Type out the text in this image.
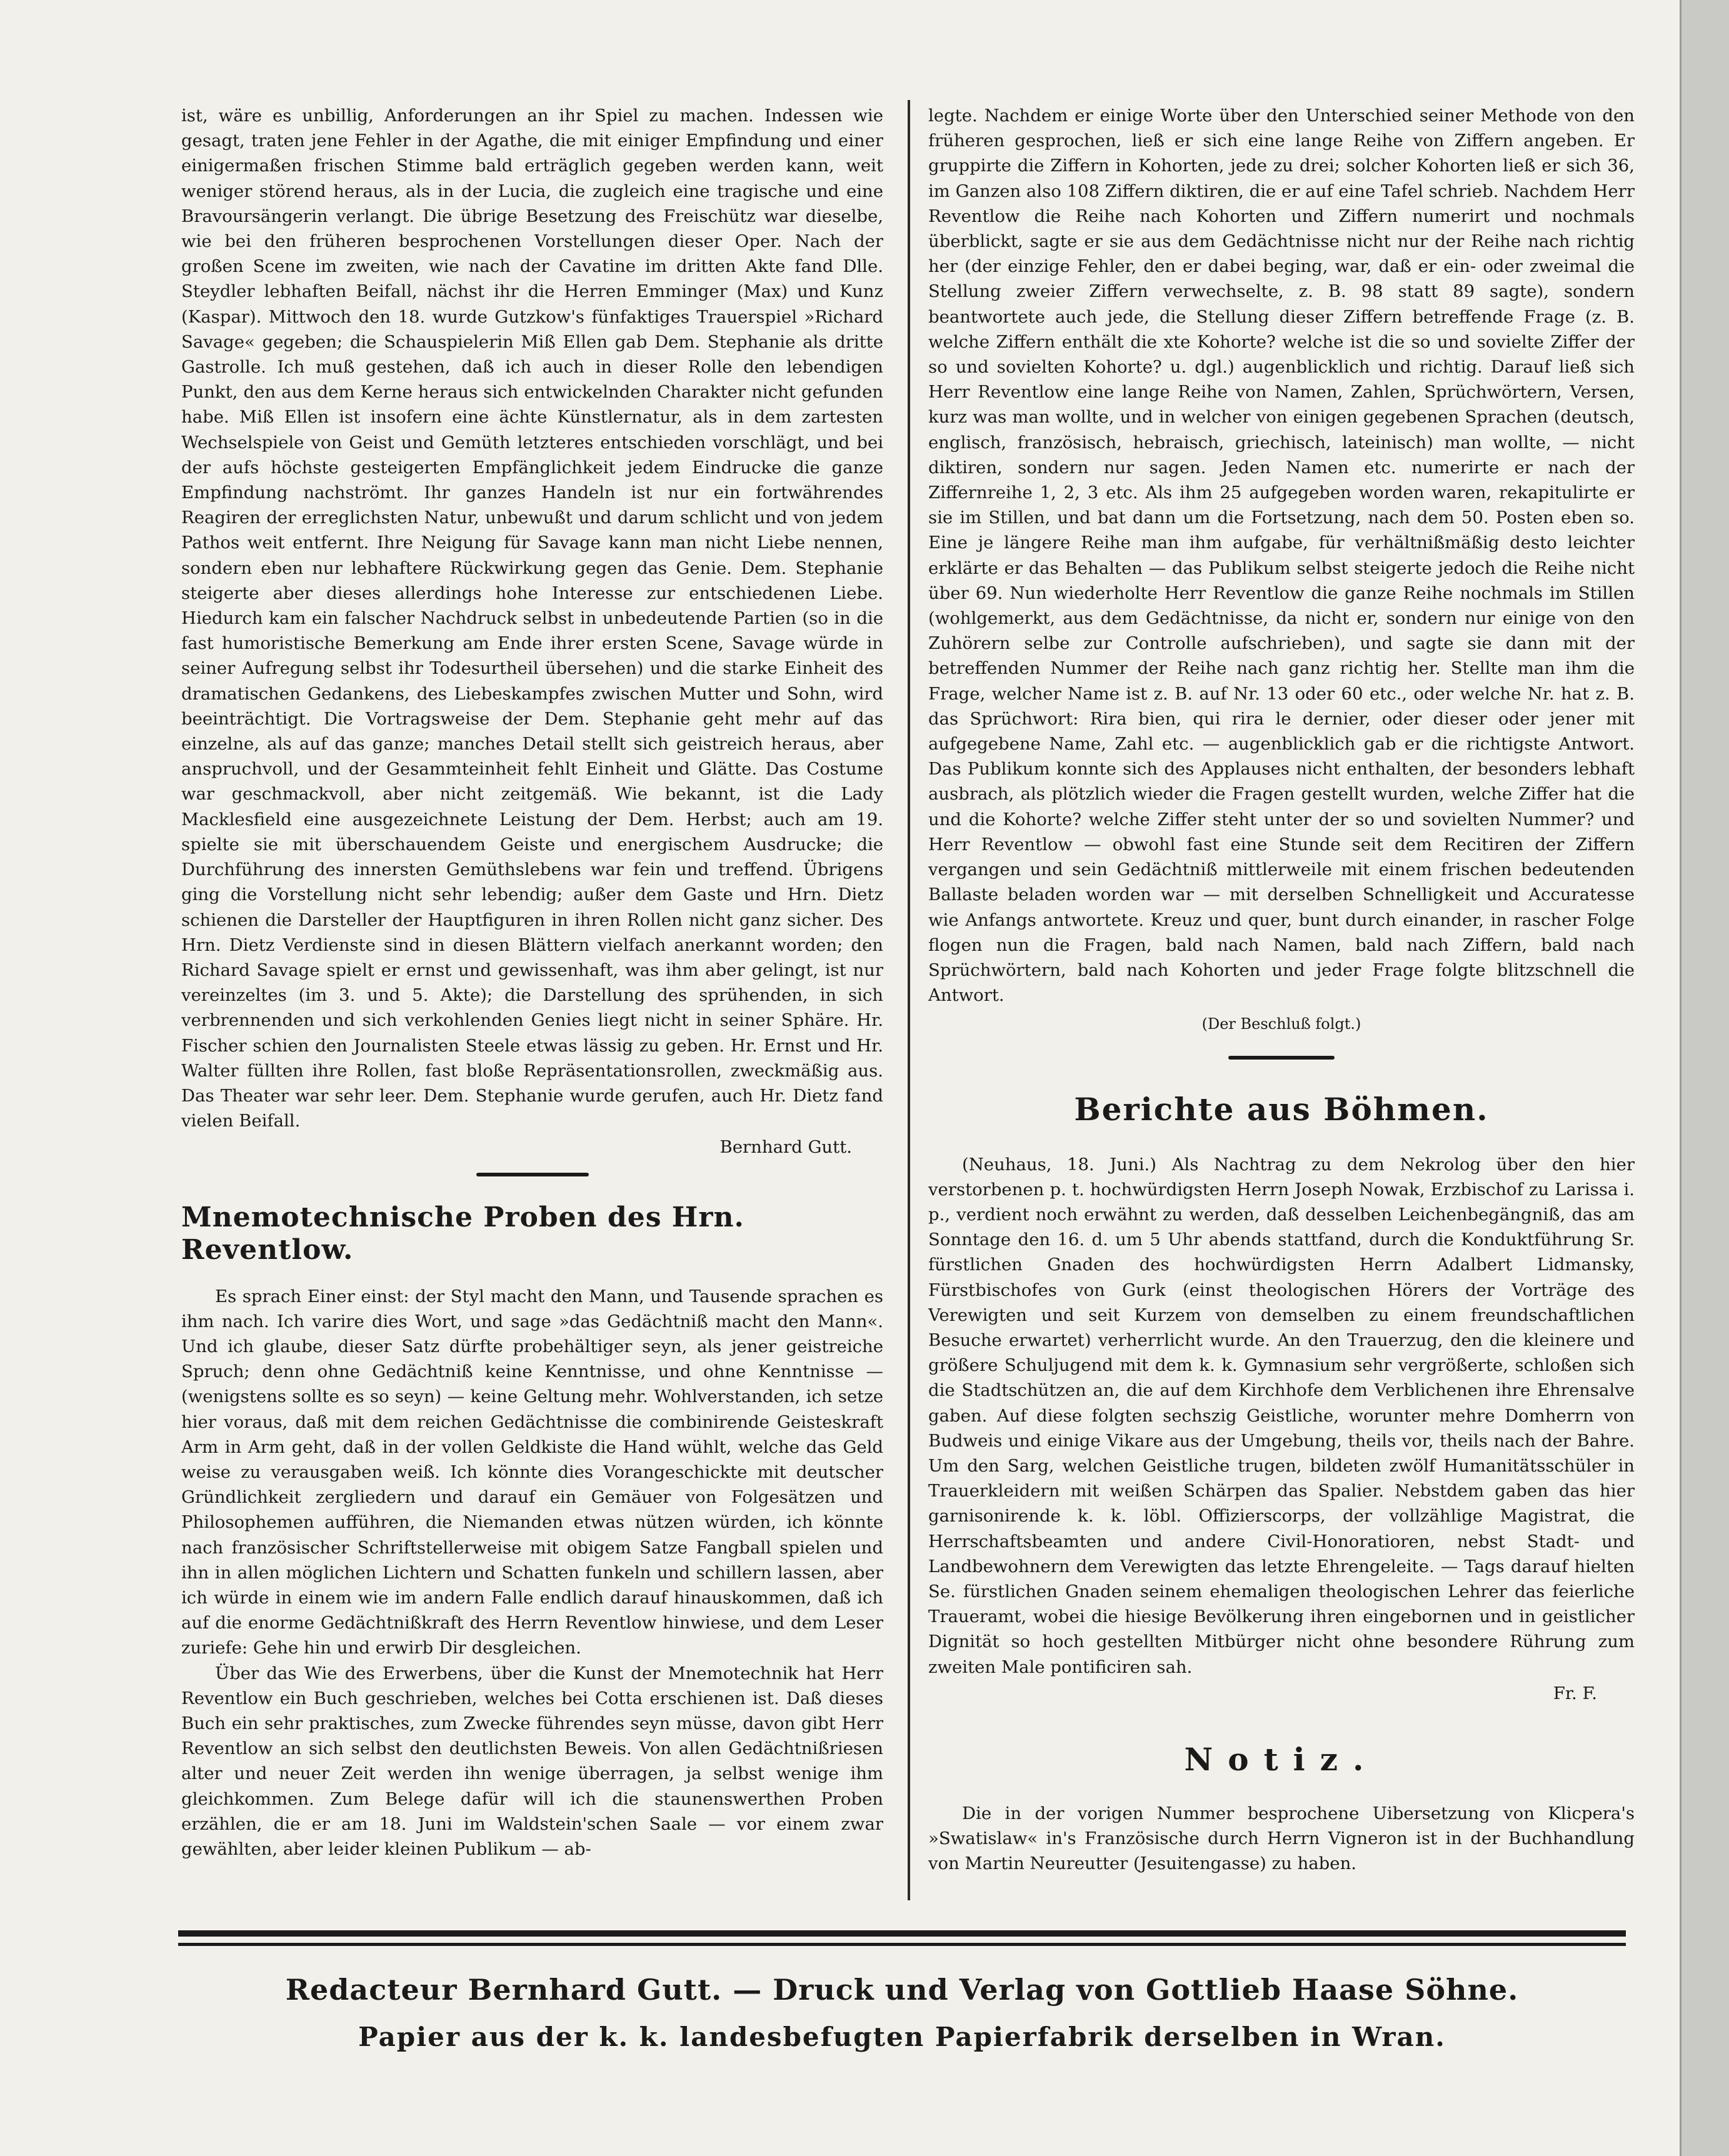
ist, wäre es unbillig, Anforderungen an ihr Spiel zu machen. Indessen wie gesagt, traten jene Fehler in der Agathe, die mit einiger Empfindung und einer einigermaßen frischen Stimme bald erträglich gegeben werden kann, weit weniger störend heraus, als in der Lucia, die zugleich eine tragische und eine Bravoursängerin verlangt. Die übrige Besetzung des Freischütz war dieselbe, wie bei den früheren besprochenen Vorstellungen dieser Oper. Nach der großen Scene im zweiten, wie nach der Cavatine im dritten Akte fand Dlle. Steydler lebhaften Beifall, nächst ihr die Herren Emminger (Max) und Kunz (Kaspar). Mittwoch den 18. wurde Gutzkow's fünfaktiges Trauerspiel »Richard Savage« gegeben; die Schauspielerin Miß Ellen gab Dem. Stephanie als dritte Gastrolle. Ich muß gestehen, daß ich auch in dieser Rolle den lebendigen Punkt, den aus dem Kerne heraus sich entwickelnden Charakter nicht gefunden habe. Miß Ellen ist insofern eine ächte Künstlernatur, als in dem zartesten Wechselspiele von Geist und Gemüth letzteres entschieden vorschlägt, und bei der aufs höchste gesteigerten Empfänglichkeit jedem Eindrucke die ganze Empfindung nachströmt. Ihr ganzes Handeln ist nur ein fortwährendes Reagiren der erreglichsten Natur, unbewußt und darum schlicht und von jedem Pathos weit entfernt. Ihre Neigung für Savage kann man nicht Liebe nennen, sondern eben nur lebhaftere Rückwirkung gegen das Genie. Dem. Stephanie steigerte aber dieses allerdings hohe Interesse zur entschiedenen Liebe. Hiedurch kam ein falscher Nachdruck selbst in unbedeutende Partien (so in die fast humoristische Bemerkung am Ende ihrer ersten Scene, Savage würde in seiner Aufregung selbst ihr Todesurtheil übersehen) und die starke Einheit des dramatischen Gedankens, des Liebeskampfes zwischen Mutter und Sohn, wird beeinträchtigt. Die Vortragsweise der Dem. Stephanie geht mehr auf das einzelne, als auf das ganze; manches Detail stellt sich geistreich heraus, aber anspruchvoll, und der Gesammteinheit fehlt Einheit und Glätte. Das Costume war geschmackvoll, aber nicht zeitgemäß. Wie bekannt, ist die Lady Macklesfield eine ausgezeichnete Leistung der Dem. Herbst; auch am 19. spielte sie mit überschauendem Geiste und energischem Ausdrucke; die Durchführung des innersten Gemüthslebens war fein und treffend. Übrigens ging die Vorstellung nicht sehr lebendig; außer dem Gaste und Hrn. Dietz schienen die Darsteller der Hauptfiguren in ihren Rollen nicht ganz sicher. Des Hrn. Dietz Verdienste sind in diesen Blättern vielfach anerkannt worden; den Richard Savage spielt er ernst und gewissenhaft, was ihm aber gelingt, ist nur vereinzeltes (im 3. und 5. Akte); die Darstellung des sprühenden, in sich verbrennenden und sich verkohlenden Genies liegt nicht in seiner Sphäre. Hr. Fischer schien den Journalisten Steele etwas lässig zu geben. Hr. Ernst und Hr. Walter füllten ihre Rollen, fast bloße Repräsentationsrollen, zweckmäßig aus. Das Theater war sehr leer. Dem. Stephanie wurde gerufen, auch Hr. Dietz fand vielen Beifall.

Bernhard Gutt.
Mnemotechnische Proben des Hrn. Reventlow.

Es sprach Einer einst: der Styl macht den Mann, und Tausende sprachen es ihm nach. Ich varire dies Wort, und sage »das Gedächtniß macht den Mann«. Und ich glaube, dieser Satz dürfte probehältiger seyn, als jener geistreiche Spruch; denn ohne Gedächtniß keine Kenntnisse, und ohne Kenntnisse — (wenigstens sollte es so seyn) — keine Geltung mehr. Wohlverstanden, ich setze hier voraus, daß mit dem reichen Gedächtnisse die combinirende Geisteskraft Arm in Arm geht, daß in der vollen Geldkiste die Hand wühlt, welche das Geld weise zu verausgaben weiß. Ich könnte dies Vorangeschickte mit deutscher Gründlichkeit zergliedern und darauf ein Gemäuer von Folgesätzen und Philosophemen aufführen, die Niemanden etwas nützen würden, ich könnte nach französischer Schriftstellerweise mit obigem Satze Fangball spielen und ihn in allen möglichen Lichtern und Schatten funkeln und schillern lassen, aber ich würde in einem wie im andern Falle endlich darauf hinauskommen, daß ich auf die enorme Gedächtnißkraft des Herrn Reventlow hinwiese, und dem Leser zuriefe: Gehe hin und erwirb Dir desgleichen.

Über das Wie des Erwerbens, über die Kunst der Mnemotechnik hat Herr Reventlow ein Buch geschrieben, welches bei Cotta erschienen ist. Daß dieses Buch ein sehr praktisches, zum Zwecke führendes seyn müsse, davon gibt Herr Reventlow an sich selbst den deutlichsten Beweis. Von allen Gedächtnißriesen alter und neuer Zeit werden ihn wenige überragen, ja selbst wenige ihm gleichkommen. Zum Belege dafür will ich die staunenswerthen Proben erzählen, die er am 18. Juni im Waldstein'schen Saale — vor einem zwar gewählten, aber leider kleinen Publikum — ab-

legte. Nachdem er einige Worte über den Unterschied seiner Methode von den früheren gesprochen, ließ er sich eine lange Reihe von Ziffern angeben. Er gruppirte die Ziffern in Kohorten, jede zu drei; solcher Kohorten ließ er sich 36, im Ganzen also 108 Ziffern diktiren, die er auf eine Tafel schrieb. Nachdem Herr Reventlow die Reihe nach Kohorten und Ziffern numerirt und nochmals überblickt, sagte er sie aus dem Gedächtnisse nicht nur der Reihe nach richtig her (der einzige Fehler, den er dabei beging, war, daß er ein- oder zweimal die Stellung zweier Ziffern verwechselte, z. B. 98 statt 89 sagte), sondern beantwortete auch jede, die Stellung dieser Ziffern betreffende Frage (z. B. welche Ziffern enthält die xte Kohorte? welche ist die so und sovielte Ziffer der so und sovielten Kohorte? u. dgl.) augenblicklich und richtig. Darauf ließ sich Herr Reventlow eine lange Reihe von Namen, Zahlen, Sprüchwörtern, Versen, kurz was man wollte, und in welcher von einigen gegebenen Sprachen (deutsch, englisch, französisch, hebraisch, griechisch, lateinisch) man wollte, — nicht diktiren, sondern nur sagen. Jeden Namen etc. numerirte er nach der Ziffernreihe 1, 2, 3 etc. Als ihm 25 aufgegeben worden waren, rekapitulirte er sie im Stillen, und bat dann um die Fortsetzung, nach dem 50. Posten eben so. Eine je längere Reihe man ihm aufgabe, für verhältnißmäßig desto leichter erklärte er das Behalten — das Publikum selbst steigerte jedoch die Reihe nicht über 69. Nun wiederholte Herr Reventlow die ganze Reihe nochmals im Stillen (wohlgemerkt, aus dem Gedächtnisse, da nicht er, sondern nur einige von den Zuhörern selbe zur Controlle aufschrieben), und sagte sie dann mit der betreffenden Nummer der Reihe nach ganz richtig her. Stellte man ihm die Frage, welcher Name ist z. B. auf Nr. 13 oder 60 etc., oder welche Nr. hat z. B. das Sprüchwort: Rira bien, qui rira le dernier, oder dieser oder jener mit aufgegebene Name, Zahl etc. — augenblicklich gab er die richtigste Antwort. Das Publikum konnte sich des Applauses nicht enthalten, der besonders lebhaft ausbrach, als plötzlich wieder die Fragen gestellt wurden, welche Ziffer hat die und die Kohorte? welche Ziffer steht unter der so und sovielten Nummer? und Herr Reventlow — obwohl fast eine Stunde seit dem Recitiren der Ziffern vergangen und sein Gedächtniß mittlerweile mit einem frischen bedeutenden Ballaste beladen worden war — mit derselben Schnelligkeit und Accuratesse wie Anfangs antwortete. Kreuz und quer, bunt durch einander, in rascher Folge flogen nun die Fragen, bald nach Namen, bald nach Ziffern, bald nach Sprüchwörtern, bald nach Kohorten und jeder Frage folgte blitzschnell die Antwort.

(Der Beschluß folgt.)
Berichte aus Böhmen.

(Neuhaus, 18. Juni.) Als Nachtrag zu dem Nekrolog über den hier verstorbenen p. t. hochwürdigsten Herrn Joseph Nowak, Erzbischof zu Larissa i. p., verdient noch erwähnt zu werden, daß desselben Leichenbegängniß, das am Sonntage den 16. d. um 5 Uhr abends stattfand, durch die Konduktführung Sr. fürstlichen Gnaden des hochwürdigsten Herrn Adalbert Lidmansky, Fürstbischofes von Gurk (einst theologischen Hörers der Vorträge des Verewigten und seit Kurzem von demselben zu einem freundschaftlichen Besuche erwartet) verherrlicht wurde. An den Trauerzug, den die kleinere und größere Schuljugend mit dem k. k. Gymnasium sehr vergrößerte, schloßen sich die Stadtschützen an, die auf dem Kirchhofe dem Verblichenen ihre Ehrensalve gaben. Auf diese folgten sechszig Geistliche, worunter mehre Domherrn von Budweis und einige Vikare aus der Umgebung, theils vor, theils nach der Bahre. Um den Sarg, welchen Geistliche trugen, bildeten zwölf Humanitätsschüler in Trauerkleidern mit weißen Schärpen das Spalier. Nebstdem gaben das hier garnisonirende k. k. löbl. Offizierscorps, der vollzählige Magistrat, die Herrschaftsbeamten und andere Civil-Honoratioren, nebst Stadt- und Landbewohnern dem Verewigten das letzte Ehrengeleite. — Tags darauf hielten Se. fürstlichen Gnaden seinem ehemaligen theologischen Lehrer das feierliche Traueramt, wobei die hiesige Bevölkerung ihren eingebornen und in geistlicher Dignität so hoch gestellten Mitbürger nicht ohne besondere Rührung zum zweiten Male pontificiren sah.

Fr. F.
Notiz.

Die in der vorigen Nummer besprochene Uibersetzung von Klicpera's »Swatislaw« in's Französische durch Herrn Vigneron ist in der Buchhandlung von Martin Neureutter (Jesuitengasse) zu haben.

Redacteur Bernhard Gutt. — Druck und Verlag von Gottlieb Haase Söhne.
Papier aus der k. k. landesbefugten Papierfabrik derselben in Wran.
